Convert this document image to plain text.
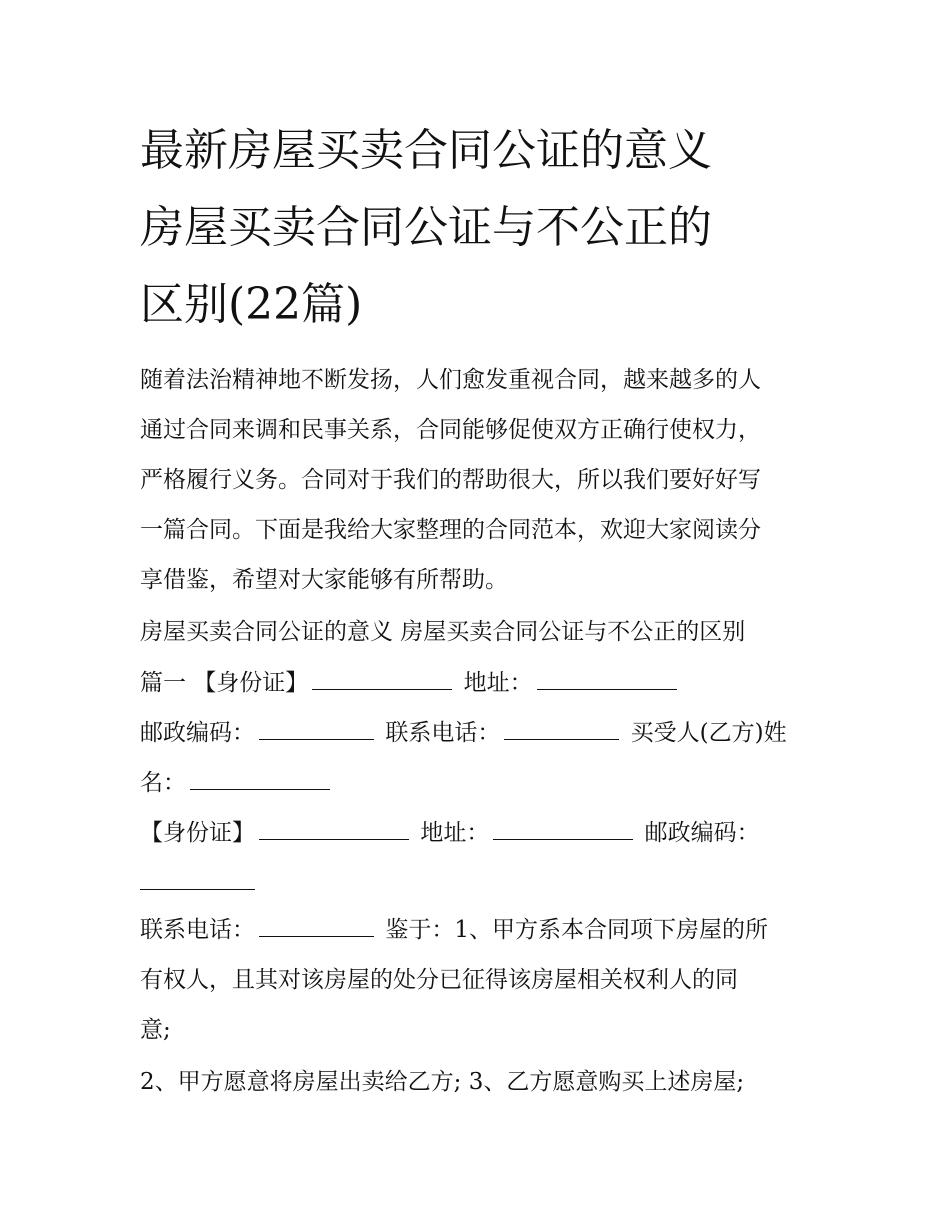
最新房屋买卖合同公证的意义
房屋买卖合同公证与不公正的
区别(22篇)
随着法治精神地不断发扬，人们愈发重视合同，越来越多的人
通过合同来调和民事关系，合同能够促使双方正确行使权力，
严格履行义务。合同对于我们的帮助很大，所以我们要好好写
一篇合同。下面是我给大家整理的合同范本，欢迎大家阅读分
享借鉴，希望对大家能够有所帮助。
房屋买卖合同公证的意义 房屋买卖合同公证与不公正的区别
篇一 【身份证】	地址：
邮政编码：	联系电话：	买受人(乙方)姓
名：
【身份证】	地址：	邮政编码：
联系电话：	鉴于：1、甲方系本合同项下房屋的所
有权人，且其对该房屋的处分已征得该房屋相关权利人的同
意;
2、甲方愿意将房屋出卖给乙方; 3、乙方愿意购买上述房屋;
